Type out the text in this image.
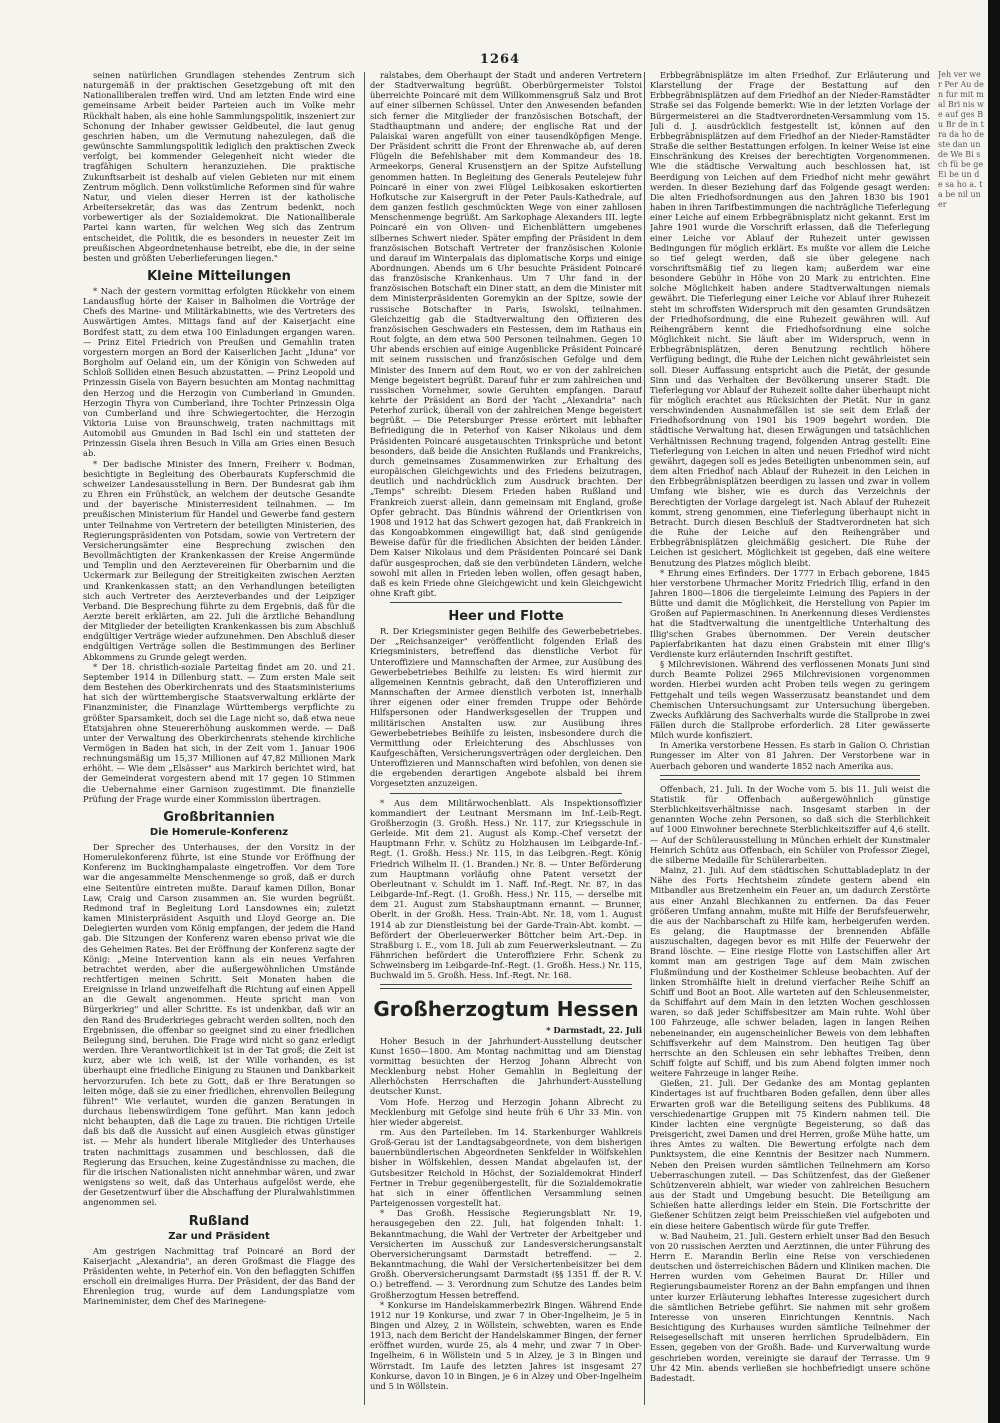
1264

seinen natürlichen Grundlagen stehendes Zentrum sich naturgemäß in der praktischen Gesetzgebung oft mit den Nationalliberalen treffen wird. Und am letzten Ende wird eine gemeinsame Arbeit beider Parteien auch im Volke mehr Rückhalt haben, als eine hohle Sammlungspolitik, inszeniert zur Schonung der Inhaber gewisser Geldbeutel, die laut genug geschrien haben, um die Vermutung nahezulegen, daß die gewünschte Sammlungspolitik lediglich den praktischen Zweck verfolgt, bei kommender Gelegenheit nicht wieder die tragfähigen Schultern heranzuziehen. Die praktische Zukunftsarbeit ist deshalb auf vielen Gebieten nur mit einem Zentrum möglich. Denn volkstümliche Reformen sind für wahre Natur, und vielen dieser Herren ist der katholische Arbeitersekretär, das was das Zentrum bedenkt, noch vorbewertiger als der Sozialdemokrat. Die Nationalliberale Partei kann warten, für welchen Weg sich das Zentrum entscheidet, die Politik, die es besonders in neuester Zeit im preußischen Abgeordnetenhause betreibt, ebe die, in der seine besten und größten Ueberlieferungen liegen."

Kleine Mitteilungen

* Nach der gestern vormittag erfolgten Rückkehr von einem Landausflug hörte der Kaiser in Balholmen die Vorträge der Chefs des Marine- und Militärkabinetts, wie des Vertreters des Auswärtigen Amtes. Mittags fand auf der Kaiserjacht eine Bordfest statt, zu dem etwa 100 Einladungen ergangen waren. — Prinz Eitel Friedrich von Preußen und Gemahlin traten vorgestern morgen an Bord der Kaiserlichen Jacht „Iduna" vor Borgholm auf Oeland ein, um der Königin von Schweden auf Schloß Solliden einen Besuch abzustatten. — Prinz Leopold und Prinzessin Gisela von Bayern besuchten am Montag nachmittag den Herzog und die Herzogin von Cumberland in Gmunden. Herzogin Thyra von Cumberland, ihre Tochter Prinzessin Olga von Cumberland und ihre Schwiegertochter, die Herzogin Viktoria Luise von Braunschweig, traten nachmittags mit Automobil aus Gmunden in Bad Ischl ein und statteten der Prinzessin Gisela ihren Besuch in Villa am Gries einen Besuch ab.

* Der badische Minister des Innern, Freiherr v. Bodman, besichtigte in Begleitung des Oberbaurats Kupferschmid die schweizer Landesausstellung in Bern. Der Bundesrat gab ihm zu Ehren ein Frühstück, an welchem der deutsche Gesandte und der bayerische Ministerresident teilnahmen. — Im preußischen Ministerium für Handel und Gewerbe fand gestern unter Teilnahme von Vertretern der beteiligten Ministerien, des Regierungspräsidenten von Potsdam, sowie von Vertretern der Versicherungsämter eine Besprechung zwischen den Bevollmächtigten der Krankenkassen der Kreise Angermünde und Templin und den Aerztevereinen für Oberbarnim und die Uckermark zur Beilegung der Streitigkeiten zwischen Aerzten und Krankenkassen statt; an den Verhandlungen beteiligten sich auch Vertreter des Aerzteverbandes und der Leipziger Verband. Die Besprechung führte zu dem Ergebnis, daß für die Aerzte bereit erklärten, am 22. Juli die ärztliche Behandlung der Mitglieder der beteiligten Krankenkassen bis zum Abschluß endgültiger Verträge wieder aufzunehmen. Den Abschluß dieser endgültigen Verträge sollen die Bestimmungen des Berliner Abkommens zu Grunde gelegt werden.

* Der 18. christlich-soziale Parteitag findet am 20. und 21. September 1914 in Dillenburg statt. — Zum ersten Male seit dem Bestehen des Oberkirchenrats und des Staatsministeriums hat sich der württembergische Staatsverwaltung erklärte der Finanzminister, die Finanzlage Württembergs verpflichte zu größter Sparsamkeit, doch sei die Lage nicht so, daß etwa neue Etatsjahren ohne Steuererhöhung auskommen werde. — Daß unter der Verwaltung des Oberkirchenrats stehende kirchliche Vermögen in Baden hat sich, in der Zeit vom 1. Januar 1906 rechnungsmäßig um 15,37 Millionen auf 47,82 Millionen Mark erhöht. — Wie dem „Elsässer" aus Markirch berichtet wird, hat der Gemeinderat vorgestern abend mit 17 gegen 10 Stimmen die Uebernahme einer Garnison zugestimmt. Die finanzielle Prüfung der Frage wurde einer Kommission übertragen.

Großbritannien
Die Homerule-Konferenz

Der Sprecher des Unterhauses, der den Vorsitz in der Homerulekonferenz führte, ist eine Stunde vor Eröffnung der Konferenz im Buckinghampalaste eingetroffen. Vor dem Tore war die angesammelte Menschenmenge so groß, daß er durch eine Seitentüre eintreten mußte. Darauf kamen Dillon, Bonar Law, Craig und Carson zusammen an. Sie wurden begrüßt. Redmond traf in Begleitung Lord Lansdownes ein; zuletzt kamen Ministerpräsident Asquith und Lloyd George an. Die Delegierten wurden vom König empfangen, der jedem die Hand gab. Die Sitzungen der Konferenz waren ebenso privat wie die des Geheimen Rates. Bei der Eröffnung der Konferenz sagte der König: „Meine Intervention kann als ein neues Verfahren betrachtet werden, aber die außergewöhnlichen Umstände rechtfertigen meinen Schritt. Seit Monaten haben die Ereignisse in Irland unzweifelhaft die Richtung auf einen Appell an die Gewalt angenommen. Heute spricht man von Bürgerkrieg" und aller Schritte. Es ist undenkbar, daß wir an den Rand des Bruderkrieges gebracht werden sollten, noch den Ergebnissen, die offenbar so geeignet sind zu einer friedlichen Beilegung sind, beruhen. Die Frage wird nicht so ganz erledigt werden. Ihre Verantwortlichkeit ist in der Tat groß; die Zeit ist kurz, aber wie ich weiß, ist der Wille vorhanden, es ist überhaupt eine friedliche Einigung zu Staunen und Dankbarkeit hervorzurufen. Ich bete zu Gott, daß er Ihre Beratungen so leiten möge, daß sie zu einer friedlichen, ehrenvollen Beilegung führen!" Wie verlautet, wurden die ganzen Beratungen in durchaus liebenswürdigem Tone geführt. Man kann jedoch nicht behaupten, daß die Lage zu trauen. Die richtigen Urteile daß bis daß die Aussicht auf einen Ausgleich etwas günstiger ist. — Mehr als hundert liberale Mitglieder des Unterhauses traten nachmittags zusammen und beschlossen, daß die Regierung das Ersuchen, keine Zugeständnisse zu machen, die für die irischen Nationalisten nicht annehmbar wären, und zwar wenigstens so weit, daß das Unterhaus aufgelöst werde, ehe der Gesetzentwurf über die Abschaffung der Pluralwahlstimmen angenommen sei.

Rußland
Zar und Präsident

Am gestrigen Nachmittag traf Poincaré an Bord der Kaiserjacht „Alexandria", an deren Großmast die Flagge des Präsidenten wehte, in Peterhof ein. Von den beflaggten Schiffen erscholl ein dreimaliges Hurra. Der Präsident, der das Band der Ehrenlegion trug, wurde auf dem Landungsplatze vom Marineminister, dem Chef des Marinegene-

ralstabes, dem Oberhaupt der Stadt und anderen Vertretern der Stadtverwaltung begrüßt. Oberbürgermeister Tolstoi überreichte Poincaré mit dem Willkommensgruß Salz und Brot auf einer silbernen Schüssel. Unter den Anwesenden befanden sich ferner die Mitglieder der französischen Botschaft, der Stadthauptmann und andere; der englische Rat und der Palaiskai waren angefüllt von einer tausendköpfigen Menge. Der Präsident schritt die Front der Ehrenwache ab, auf deren Flügeln die Befehlshaber mit dem Kommandeur des 18. Armeekorps, General Krusenstjern an der Spitze Aufstellung genommen hatten. In Begleitung des Generals Peutelejew fuhr Poincaré in einer von zwei Flügel Leibkosaken eskortierten Hofkutsche zur Kaisergruft in der Peter Pauls-Kathedrale, auf dem ganzen festlich geschmückten Wege von einer zahllosen Menschenmenge begrüßt. Am Sarkophage Alexanders III. legte Poincaré ein von Oliven- und Eichenblättern umgebenes silbernes Schwert nieder. Später empfing der Präsident in dem französischen Botschaft Vertreter der französischen Kolonie und darauf im Winterpalais das diplomatische Korps und einige Abordnungen. Abends um 6 Uhr besuchte Präsident Poincaré das französische Krankenhaus. Um 7 Uhr fand in der französischen Botschaft ein Diner statt, an dem die Minister mit dem Ministerpräsidenten Goremykin an der Spitze, sowie der russische Botschafter in Paris, Iswolski, teilnahmen. Gleichzeitig gab die Stadtverwaltung den Offizieren des französischen Geschwaders ein Festessen, dem im Rathaus ein Rout folgte, an dem etwa 500 Personen teilnahmen. Gegen 10 Uhr abends erschien auf einige Augenblicke Präsident Poincaré mit seinem russischen und französischen Gefolge und dem Minister des Innern auf dem Rout, wo er von der zahlreichen Menge begeistert begrüßt. Darauf fuhr er zum zahlreichen und russischen Vornehmer, sowie Geruhten empfangen. Darauf kehrte der Präsident an Bord der Yacht „Alexandria" nach Peterhof zurück, überall von der zahlreichen Menge begeistert begrüßt. — Die Petersburger Presse erörtert mit lebhafter Befriedigung die in Peterhof von Kaiser Nikolaus und dem Präsidenten Poincaré ausgetauschten Trinksprüche und betont besonders, daß beide die Ansichten Rußlands und Frankreichs, durch gemeinsames Zusammenwirken zur Erhaltung des europäischen Gleichgewichts und des Friedens beizutragen, deutlich und nachdrücklich zum Ausdruck brachten. Der „Temps" schreibt: Diesem Frieden haben Rußland und Frankreich zuerst allein, dann gemeinsam mit England, große Opfer gebracht. Das Bündnis während der Orientkrisen von 1908 und 1912 hat das Schwert gezogen hat, daß Frankreich in das Kongoabkommen eingewilligt hat, daß sind genügende Beweise dafür für die friedlichen Absichten der beiden Länder. Dem Kaiser Nikolaus und dem Präsidenten Poincaré sei Dank dafür ausgesprochen, daß sie den verbündeten Ländern, welche sowohl mit allen in Frieden leben wollen, offen gesagt haben, daß es kein Friede ohne Gleichgewicht und kein Gleichgewicht ohne Kraft gibt.

Heer und Flotte

R. Der Kriegsminister gegen Beihilfe des Gewerbebetriebes. Der „Reichsanzeiger" veröffentlicht folgenden Erlaß des Kriegsministers, betreffend das dienstliche Verbot für Unteroffiziere und Mannschaften der Armee, zur Ausübung des Gewerbebetriebes Beihilfe zu leisten: Es wird hiermit zur allgemeinen Kenntnis gebracht, daß den Unteroffizieren und Mannschaften der Armee dienstlich verboten ist, innerhalb ihrer eigenen oder einer fremden Truppe oder Behörde Hilfspersonen oder Handwerksgesellen der Truppen und militärischen Anstalten usw. zur Ausübung ihres Gewerbebetriebes Beihilfe zu leisten, insbesondere durch die Vermittlung oder Erleichterung des Abschlusses von Kaufgeschäften, Versicherungsverträgen oder dergleichen. Den Unteroffizieren und Mannschaften wird befohlen, von denen sie die ergebenden derartigen Angebote alsbald bei ihrem Vorgesetzten anzuzeigen.

* Aus dem Militärwochenblatt. Als Inspektionsoffizier kommandiert der Leutnant Mersmann im Inf.-Leib-Regt. Großherzogin (3. Großh. Hess.) Nr. 117, zur Kriegsschule in Gerleide. Mit dem 21. August als Komp.-Chef versetzt der Hauptmann Frhr. v. Schütz zu Holzhausen im Leibgarde-Inf.-Regt. (1. Großh. Hess.) Nr. 115, in das Leibgren.-Regt. König Friedrich Wilhelm II. (1. Branden.) Nr. 8. — Unter Beförderung zum Hauptmann vorläufig ohne Patent versetzt der Oberleutnant v. Schuldt im 1. Naff. Inf.-Regt. Nr. 87, in das Leibgarde-Inf.-Regt. (1. Großh. Hess.) Nr. 115, — derselbe mit dem 21. August zum Stabshauptmann ernannt. — Brunner, Oberlt. in der Großh. Hess. Train-Abt. Nr. 18, vom 1. August 1914 ab zur Dienstleistung bei der Garde-Train-Abt. kombt. — Befördert der Oberleuerwerker Böttcher beim Art.-Dep. in Straßburg i. E., vom 18. Juli ab zum Feuerwerksleutnant. — Zu Fähnrichen befördert die Unteroffiziere Frhr. Schenk zu Schweinsberg im Leibgarde-Inf.-Regt. (1. Großh. Hess.) Nr. 115, Buchwald im 5. Großh. Hess. Inf.-Regt. Nr. 168.

Großherzogtum Hessen

* Darmstadt, 22. Juli

Hoher Besuch in der Jahrhundert-Ausstellung deutscher Kunst 1650—1800. Am Montag nachmittag und am Dienstag vormittag besuchten der Herzog Johann Albrecht von Mecklenburg nebst Hoher Gemahlin in Begleitung der Allerhöchsten Herrschaften die Jahrhundert-Ausstellung deutscher Kunst.

Vom Hofe. Herzog und Herzogin Johann Albrecht zu Mecklenburg mit Gefolge sind heute früh 6 Uhr 33 Min. von hier wieder abgereist.

rm. Aus den Parteileben. Im 14. Starkenburger Wahlkreis Groß-Gerau ist der Landtagsabgeordnete, von dem bisherigen bauernbündlerischen Abgeordneten Senkfelder in Wölfskehlen bisher in Wölfskehlen, dessen Mandat abgelaufen ist, der Gutsbesitzer Reichold in Höchst, der Sozialdemokrat Hinderf Fertner in Trebur gegenübergestellt, für die Sozialdemokratie hat sich in einer öffentlichen Versammlung seinen Parteigenossen vorgestellt hat.

* Das Großh. Hessische Regierungsblatt Nr. 19, herausgegeben den 22. Juli, hat folgenden Inhalt: 1. Bekanntmachung, die Wahl der Vertreter der Arbeitgeber und Versicherten im Ausschuß zur Landesversicherungsanstalt Oberversicherungsamt Darmstadt betreffend. — 2. Bekanntmachung, die Wahl der Versichertenbeisitzer bei dem Großh. Oberversicherungsamt Darmstadt (§§ 1351 ff. der R. V. O.) betreffend. — 3. Verordnung zum Schutze des Landes beim Großherzogtum Hessen betreffend.

* Konkurse im Handelskammerbezirk Bingen. Während Ende 1912 nur 19 Konkurse, und zwar 7 in Ober-Ingelheim, je 5 in Bingen und Alzey, 2 in Wöllstein, schwebten, waren es Ende 1913, nach dem Bericht der Handelskammer Bingen, der ferner eröffnet wurden, wurde 25, als 4 mehr, und zwar 7 in Ober-Ingelheim, 6 in Wöllstein und 5 in Alzey, je 3 in Bingen und Wörrstadt. Im Laufe des letzten Jahres ist insgesamt 27 Konkurse, davon 10 in Bingen, je 6 in Alzey und Ober-Ingelheim und 5 in Wöllstein.

Erbbegräbnisplätze im alten Friedhof. Zur Erläuterung und Klarstellung der Frage der Bestattung auf den Erbbegräbnisplätzen auf dem Friedhof an der Nieder-Ramstädter Straße sei das Folgende bemerkt: Wie in der letzten Vorlage der Bürgermeisterei an die Stadtverordneten-Versammlung vom 15. Juli d. J. ausdrücklich festgestellt ist, können auf den Erbbegräbnisplätzen auf dem Friedhof an der Nieder-Ramstädter Straße die seither Bestattungen erfolgen. In keiner Weise ist eine Einschränkung des Kreises der berechtigten Vorgenommenen. Wie die städtische Verwaltung auch beschlossen hat, ist Beerdigung von Leichen auf dem Friedhof nicht mehr gewährt werden. In dieser Beziehung darf das Folgende gesagt werden: Die alten Friedhofsordnungen aus den Jahren 1830 bis 1901 haben in ihren Tarifbestimmungen die nachträgliche Tieferlegung einer Leiche auf einem Erbbegräbnisplatz nicht gekannt. Erst im Jahre 1901 wurde die Vorschrift erlassen, daß die Tieferlegung einer Leiche vor Ablauf der Ruhezeit unter gewissen Bedingungen für möglich erklärt. Es mußte vor allem die Leiche so tief gelegt werden, daß sie über gelegene nach vorschriftsmäßig tief zu liegen kam; außerdem war eine besondere Gebühr in Höhe von 20 Mark zu entrichten. Eine solche Möglichkeit haben andere Stadtverwaltungen niemals gewährt. Die Tieferlegung einer Leiche vor Ablauf ihrer Ruhezeit steht im schroffsten Widerspruch mit den gesamten Grundsätzen der Friedhofsordnung, die eine Ruhezeit gewähren will. Auf Reihengräbern kennt die Friedhofsordnung eine solche Möglichkeit nicht. Sie läuft aber im Widerspruch, wenn in Erbbegräbnisplätzen, deren Benutzung rechtlich höhere Verfügung bedingt, die Ruhe der Leichen nicht gewährleistet sein soll. Dieser Auffassung entspricht auch die Pietät, der gesunde Sinn und das Verhalten der Bevölkerung unserer Stadt. Die Tieferlegung vor Ablauf der Ruhezeit sollte daher überhaupt nicht für möglich erachtet aus Rücksichten der Pietät. Nur in ganz verschwindenden Ausnahmefällen ist sie seit dem Erlaß der Friedhofsordnung von 1901 bis 1909 begehrt worden. Die städtische Verwaltung hat, diesen Erwägungen und tatsächlichen Verhältnissen Rechnung tragend, folgenden Antrag gestellt: Eine Tieferlegung von Leichen in alten und neuen Friedhof wird nicht gewährt, dagegen soll es jedes Beteiligten unbenommen sein, auf dem alten Friedhof nach Ablauf der Ruhezeit in den Leichen in den Erbbegräbnisplätzen beerdigen zu lassen und zwar in vollem Umfang wie bisher, wie es durch das Verzeichnis der Berechtigten der Vorlage dargelegt ist. Nach Ablauf der Ruhezeit kommt, streng genommen, eine Tieferlegung überhaupt nicht in Betracht. Durch diesen Beschluß der Stadtverordneten hat sich die Ruhe der Leiche auf den Reihengräber und Erbbegräbnisplätzen gleichmäßig gesichert. Die Ruhe der Leichen ist gesichert. Möglichkeit ist gegeben, daß eine weitere Benutzung des Platzes möglich bleibt.

* Ehrung eines Erfinders. Der 1777 in Erbach geborene, 1845 hier verstorbene Uhrmacher Moritz Friedrich Illig, erfand in den Jahren 1800—1806 die tiergeleimte Leimung des Papiers in der Bütte und damit die Möglichkeit, die Herstellung von Papier im Großen auf Papiermaschinen. In Anerkennung dieses Verdienstes hat die Stadtverwaltung die unentgeltliche Unterhaltung des Illig'schen Grabes übernommen. Der Verein deutscher Papierfabrikanten hat dazu einen Grabstein mit einer Illig's Verdienste kurz erläuternden Inschrift gestiftet.

§ Milchrevisionen. Während des verflossenen Monats Juni sind durch Beamte Polizei 2965 Milchrevisionen vorgenommen worden. Hierbei wurden acht Proben teils wegen zu geringem Fettgehalt und teils wegen Wasserzusatz beanstandet und dem Chemischen Untersuchungsamt zur Untersuchung übergeben. Zwecks Aufklärung des Sachverhalts wurde die Stallprobe in zwei Fällen durch die Stallprobe erforderlich. 28 Liter gewässerte Milch wurde konfisziert.

In Amerika verstorbene Hessen. Es starb in Galion O. Christian Rungesser im Alter von 81 Jahren. Der Verstorbene war in Auerbach geboren und wanderte 1852 nach Amerika aus.

Offenbach, 21. Juli. In der Woche vom 5. bis 11. Juli weist die Statistik für Offenbach außergewöhnlich günstige Sterblichkeitsverhältnisse nach. Insgesamt starben in der genannten Woche zehn Personen, so daß sich die Sterblichkeit auf 1000 Einwohner berechnete Sterblichkeitsziffer auf 4,6 stellt. — Auf der Schülerausstellung in München erhielt der Kunstmaler Heinrich Schütz aus Offenbach, ein Schüler von Professor Ziegel, die silberne Medaille für Schülerarbeiten.

Mainz, 21. Juli. Auf dem städtischen Schuttabladeplatz in der Nähe des Forts Hechtsheim zündete gestern abend ein Mitbandler aus Bretzenheim ein Feuer an, um dadurch Zerstörte aus einer Anzahl Blechkannen zu entfernen. Da das Feuer größeren Umfang annahm, mußte mit Hilfe der Berufsfeuerwehr, die aus der Nachbarschaft zu Hilfe kam, herbeigerufen werden. Es gelang, die Hauptmasse der brennenden Abfälle auszuschalten, dagegen bevor es mit Hilfe der Feuerwehr der Brand löschte. — Eine riesige Flotte von Lastschiffen aller Art kommt man am gestrigen Tage auf dem Main zwischen Flußmündung und der Kostheimer Schleuse beobachten. Auf der linken Stromhälfte hielt in dreiund vierfacher Reihe Schiff an Schiff und Boot an Boot. Alle warteten auf den Schleusenmeister, da Schiffahrt auf dem Main in den letzten Wochen geschlossen waren, so daß jeder Schiffsbesitzer am Main ruhte. Wohl über 100 Fahrzeuge, alle schwer beladen, lagen in langen Reihen nebeneinander, ein augenscheinlicher Beweis von dem lebhaften Schiffsverkehr auf dem Mainstrom. Den heutigen Tag über herrschte an den Schleusen ein sehr lebhaftes Treiben, denn Schiff folgte auf Schiff, und bis zum Abend folgten immer noch weitere Fahrzeuge in langer Reihe.

Gießen, 21. Juli. Der Gedanke des am Montag geplanten Kindertages ist auf fruchtbaren Boden gefallen, denn über alles Erwarten groß war die Beteiligung seitens des Publikums. 48 verschiedenartige Gruppen mit 75 Kindern nahmen teil. Die Kinder lachten eine vergnügte Begeisterung, so daß das Preisgericht, zwei Damen und drei Herren, große Mühe hatte, um ihres Amtes zu walten. Die Bewertung erfolgte nach dem Punktsystem, die eine Kenntnis der Besitzer nach Nummern. Neben den Preisen wurden sämtlichen Teilnehmern am Korso Ueberraschungen zuteil. — Das Schützenfest, das der Gießener Schützenverein abhielt, war wieder von zahlreichen Besuchern aus der Stadt und Umgebung besucht. Die Beteiligung am Schießen hatte allerdings leider ein Stein. Die Fortschritte der Gießener Schützen zeigt beim Preisschießen viel aufgeboten und ein diese heitere Gabentisch würde für gute Treffer.

w. Bad Nauheim, 21. Juli. Gestern erhielt unser Bad den Besuch von 20 russischen Aerzten und Aerztinnen, die unter Führung des Herrn E. Marandin Berlin eine Reise von verschiedenen deutschen und österreichischen Bädern und Kliniken machen. Die Herren wurden vom Geheimen Baurat Dr. Hiller und Regierungsbaumeister Rorenz an der Bahn empfangen und ihnen unter kurzer Erläuterung lebhaftes Interesse zugesichert durch die sämtlichen Betriebe geführt. Sie nahmen mit sehr großem Interesse von unseren Einrichtungen Kenntnis. Nach Besichtigung des Kurhauses wurden sämtliche Teilnehmer der Reisegesellschaft mit unseren herrlichen Sprudelbädern. Ein Essen, gegeben von der Großh. Bade- und Kurverwaltung wurde geschrieben worden, vereinigte sie darauf der Terrasse. Um 9 Uhr 42 Min. abends verließen sie hochbefriedigt unsere schöne Badestadt.

Jeh ver wer Per Au den fur mit mal Bri nis we auf ges Bu Br de in tra da ho de ste dan un de We Bi sch fü be ge Ei be un de sa ho a. ta be nil un er
